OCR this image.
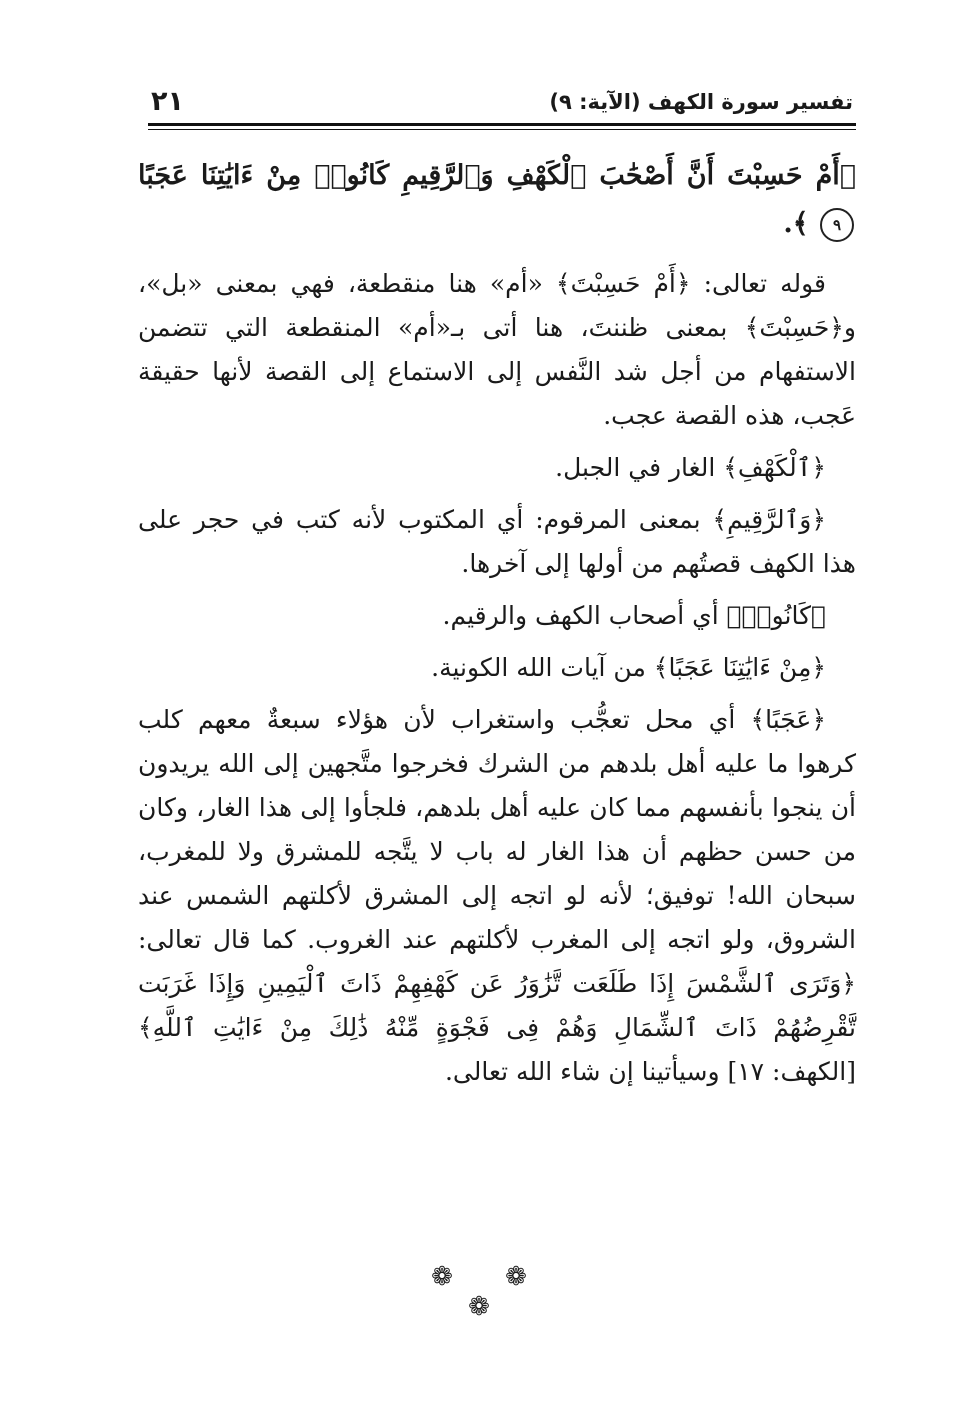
تفسير سورة الكهف (الآية: ٩)
٢١

﴿أَمْ حَسِبْتَ أَنَّ أَصْحَٰبَ ٱلْكَهْفِ وَٱلرَّقِيمِ كَانُوا۟ مِنْ ءَايَٰتِنَا عَجَبًا ٩ ﴾.

قوله تعالى: ﴿أَمْ حَسِبْتَ﴾ «أم» هنا منقطعة، فهي بمعنى «بل»، و﴿حَسِبْتَ﴾ بمعنى ظننتَ، هنا أتى بـ«أم» المنقطعة التي تتضمن الاستفهام من أجل شد النَّفس إلى الاستماع إلى القصة لأنها حقيقة عَجب، هذه القصة عجب.

﴿ٱلْكَهْفِ﴾ الغار في الجبل.

﴿وَٱلرَّقِيمِ﴾ بمعنى المرقوم: أي المكتوب لأنه كتب في حجر على هذا الكهف قصتُهم من أولها إلى آخرها.

﴿كَانُوا۟﴾ أي أصحاب الكهف والرقيم.

﴿مِنْ ءَايَٰتِنَا عَجَبًا﴾ من آيات الله الكونية.

﴿عَجَبًا﴾ أي محل تعجُّب واستغراب لأن هؤلاء سبعةٌ معهم كلب كرهوا ما عليه أهل بلدهم من الشرك فخرجوا متَّجهين إلى الله يريدون أن ينجوا بأنفسهم مما كان عليه أهل بلدهم، فلجأوا إلى هذا الغار، وكان من حسن حظهم أن هذا الغار له باب لا يتَّجه للمشرق ولا للمغرب، سبحان الله! توفيق؛ لأنه لو اتجه إلى المشرق لأكلتهم الشمس عند الشروق، ولو اتجه إلى المغرب لأكلتهم عند الغروب. كما قال تعالى: ﴿وَتَرَى ٱلشَّمْسَ إِذَا طَلَعَت تَّزَٰوَرُ عَن كَهْفِهِمْ ذَاتَ ٱلْيَمِينِ وَإِذَا غَرَبَت تَّقْرِضُهُمْ ذَاتَ ٱلشِّمَالِ وَهُمْ فِى فَجْوَةٍ مِّنْهُ ذَٰلِكَ مِنْ ءَايَٰتِ ٱللَّهِ﴾ [الكهف: ١٧] وسيأتينا إن شاء الله تعالى.

❁ ❁ ❁
